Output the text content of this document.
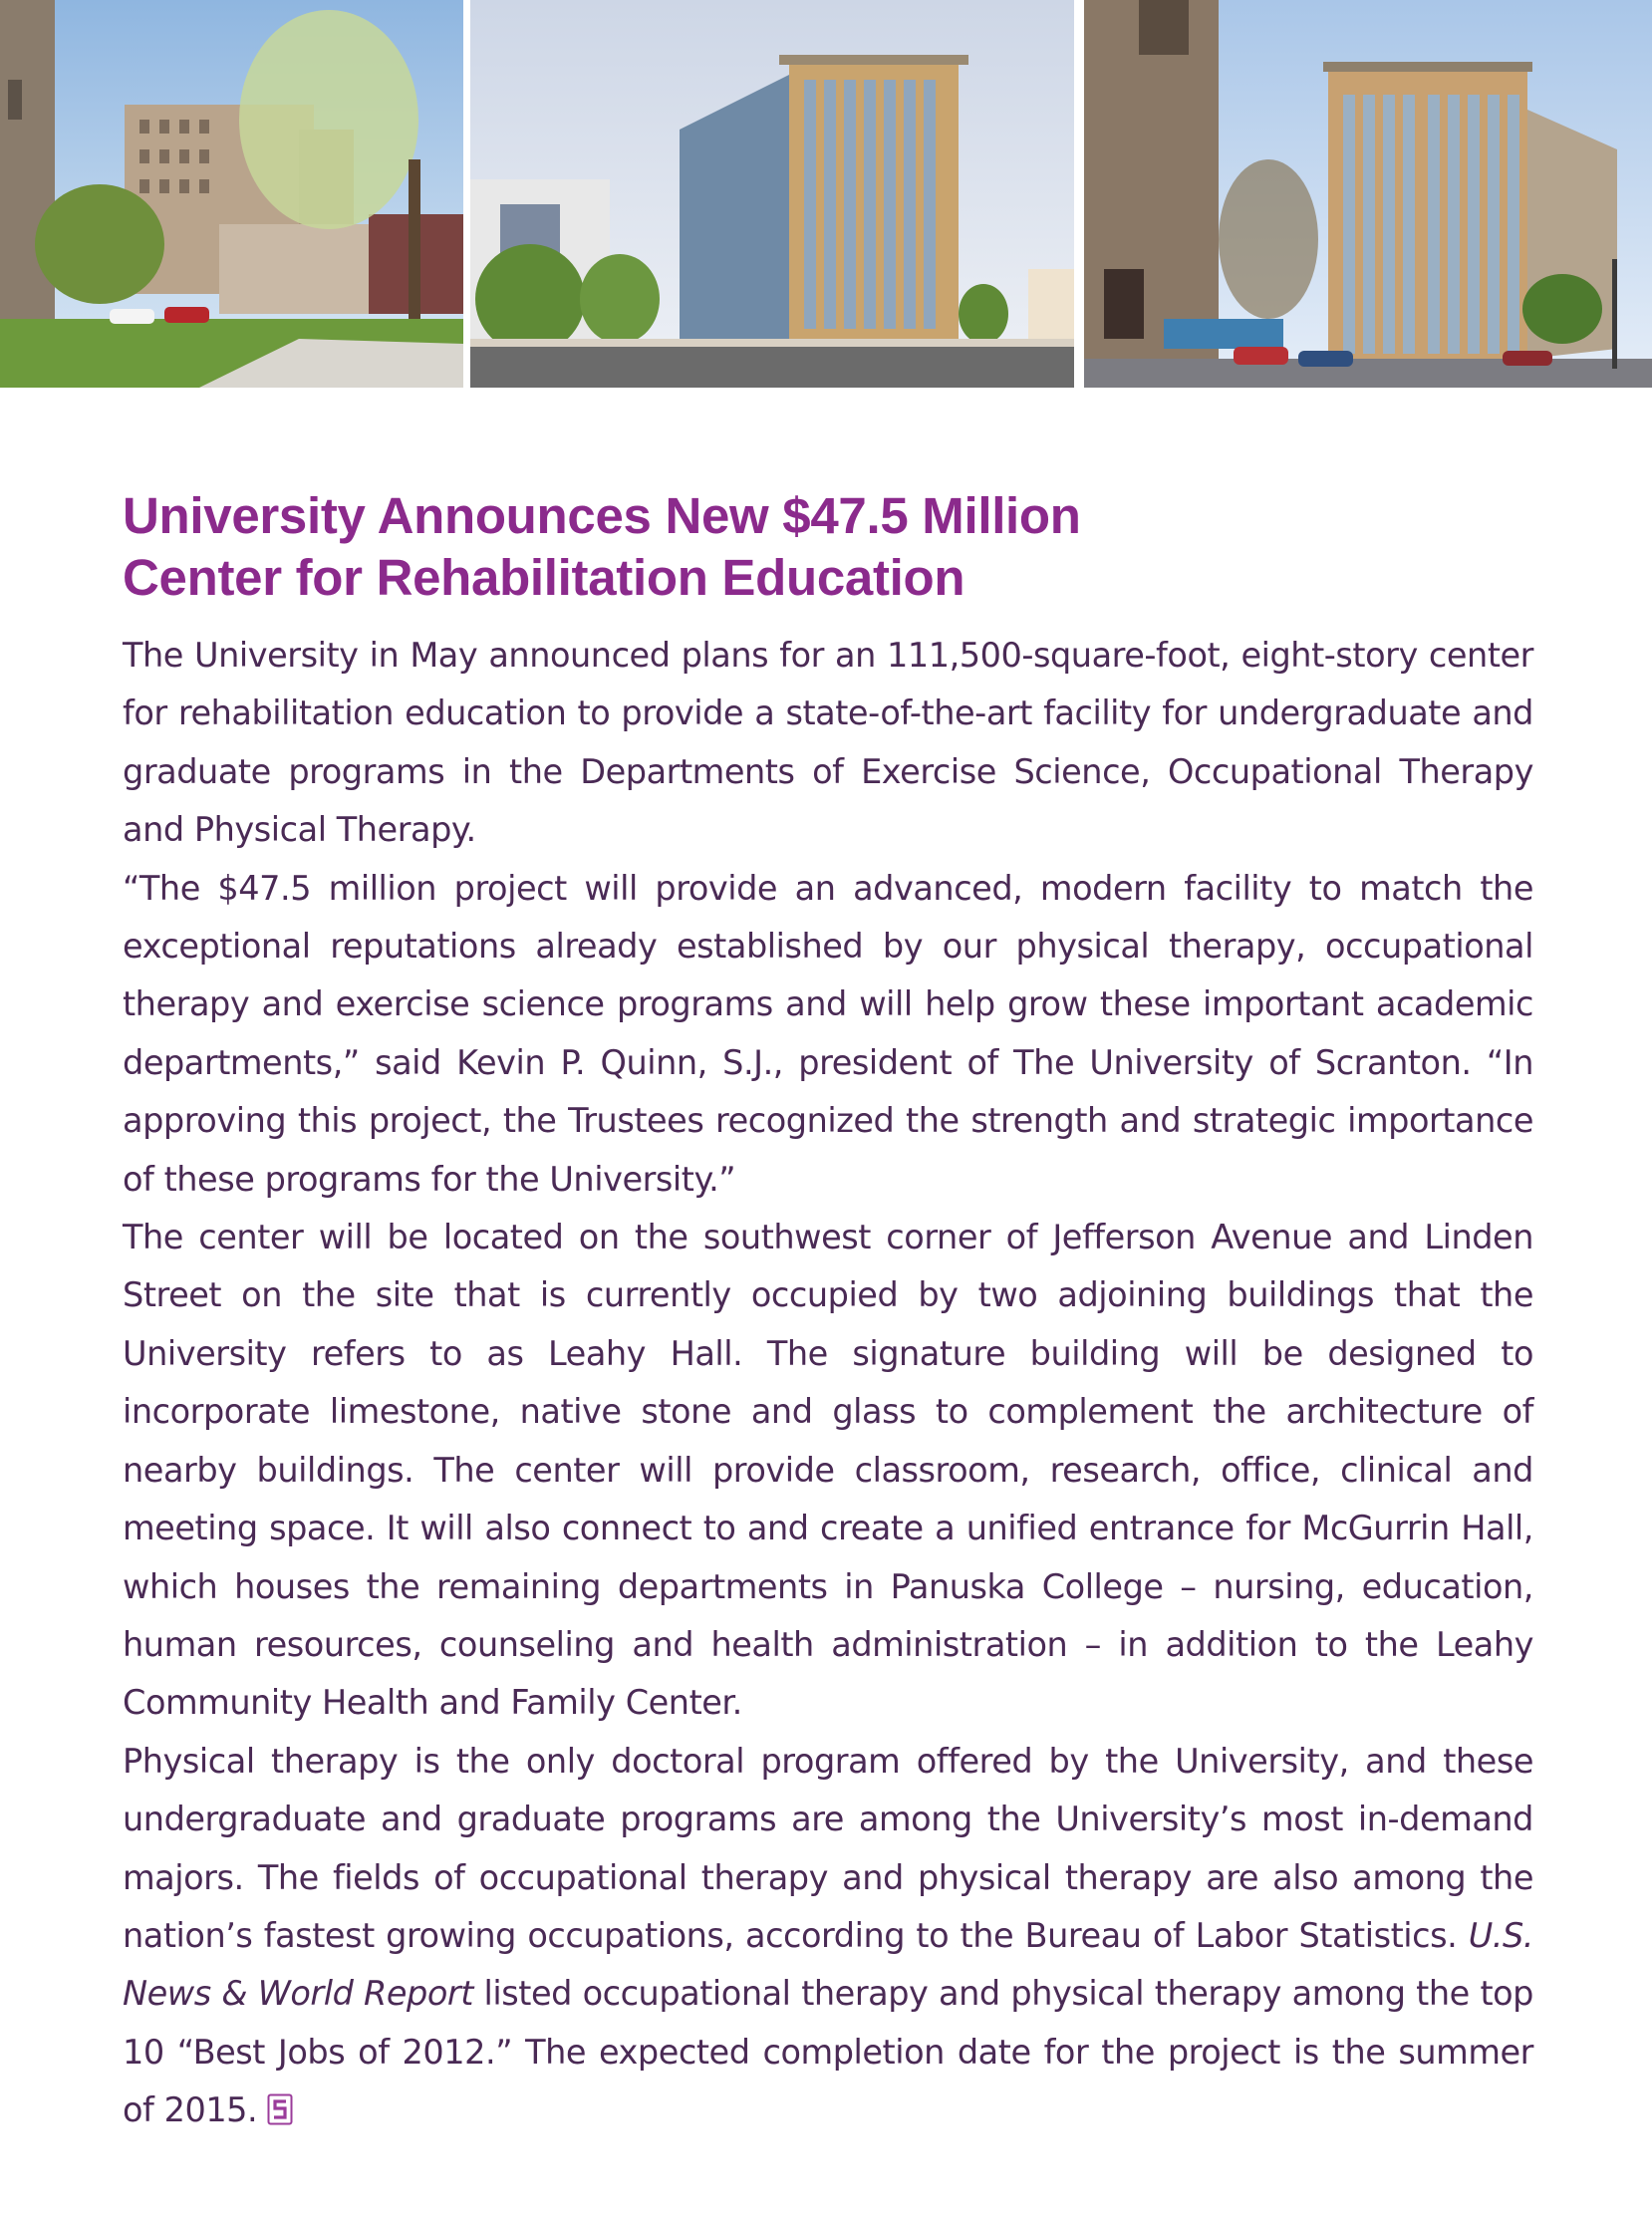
University Announces New $47.5 Million
Center for Rehabilitation Education

The University in May announced plans for an 111,500-square-foot, eight-story center for rehabilitation education to provide a state-of-the-art facility for undergraduate and graduate programs in the Departments of Exercise Science, Occupational Therapy and Physical Therapy.

“The $47.5 million project will provide an advanced, modern facility to match the exceptional reputations already established by our physical therapy, occupational therapy and exercise science programs and will help grow these important academic departments,” said Kevin P. Quinn, S.J., president of The University of Scranton. “In approving this project, the Trustees recognized the strength and strategic importance of these programs for the University.”

The center will be located on the southwest corner of Jefferson Avenue and Linden Street on the site that is currently occupied by two adjoining buildings that the University refers to as Leahy Hall. The signature building will be designed to incorporate limestone, native stone and glass to complement the architecture of nearby buildings. The center will provide classroom, research, office, clinical and meeting space. It will also connect to and create a unified entrance for McGurrin Hall, which houses the remaining departments in Panuska College – nursing, education, human resources, counseling and health administration – in addition to the Leahy Community Health and Family Center.

Physical therapy is the only doctoral program offered by the University, and these undergraduate and graduate programs are among the University’s most in-demand majors. The fields of occupational therapy and physical therapy are also among the nation’s fastest growing occupations, according to the Bureau of Labor Statistics. U.S. News & World Report listed occupational therapy and physical therapy among the top 10 “Best Jobs of 2012.” The expected completion date for the project is the summer of 2015.
